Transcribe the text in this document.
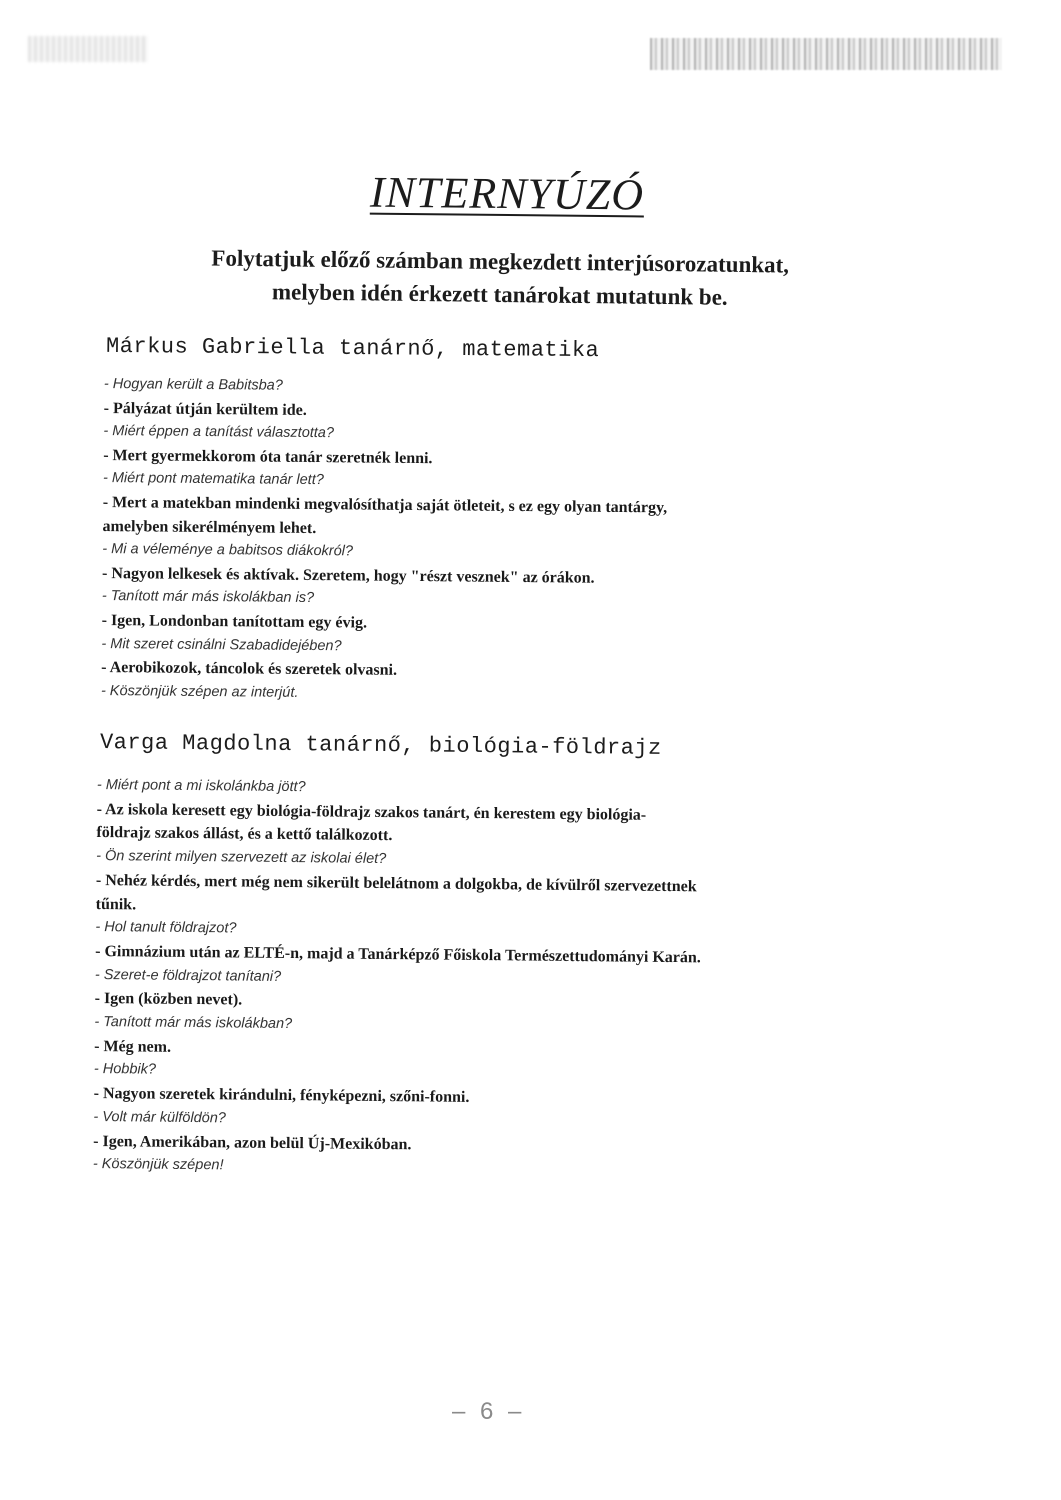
INTERNYÚZÓ
Folytatjuk előző számban megkezdett interjúsorozatunkat,
melyben idén érkezett tanárokat mutatunk be.
Márkus Gabriella tanárnő, matematika
- Hogyan került a Babitsba?
- Pályázat útján kerültem ide.
- Miért éppen a tanítást választotta?
- Mert gyermekkorom óta tanár szeretnék lenni.
- Miért pont matematika tanár lett?
- Mert a matekban mindenki megvalósíthatja saját ötleteit, s ez egy olyan tantárgy,
amelyben sikerélményem lehet.
- Mi a véleménye a babitsos diákokról?
- Nagyon lelkesek és aktívak. Szeretem, hogy "részt vesznek" az órákon.
- Tanított már más iskolákban is?
- Igen, Londonban tanítottam egy évig.
- Mit szeret csinálni Szabadidejében?
- Aerobikozok, táncolok és szeretek olvasni.
- Köszönjük szépen az interjút.
Varga Magdolna tanárnő, biológia-földrajz
- Miért pont a mi iskolánkba jött?
- Az iskola keresett egy biológia-földrajz szakos tanárt, én kerestem egy biológia-
földrajz szakos állást, és a kettő találkozott.
- Ön szerint milyen szervezett az iskolai élet?
- Nehéz kérdés, mert még nem sikerült belelátnom a dolgokba, de kívülről szervezettnek
tűnik.
- Hol tanult földrajzot?
- Gimnázium után az ELTÉ-n, majd a Tanárképző Főiskola Természettudományi Karán.
- Szeret-e földrajzot tanítani?
- Igen (közben nevet).
- Tanított már más iskolákban?
- Még nem.
- Hobbik?
- Nagyon szeretek kirándulni, fényképezni, szőni-fonni.
- Volt már külföldön?
- Igen, Amerikában, azon belül Új-Mexikóban.
- Köszönjük szépen!
– 6 –
